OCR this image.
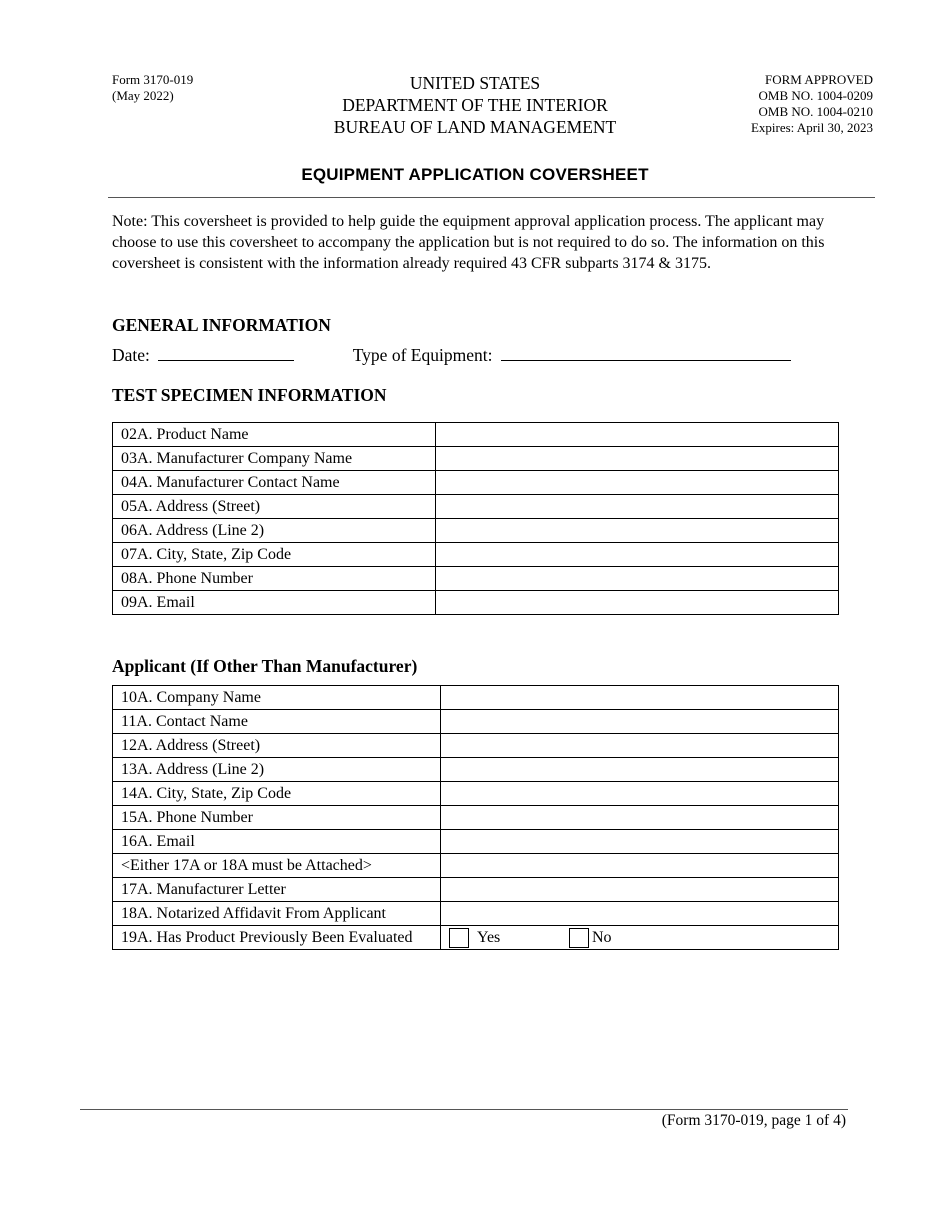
Form 3170-019
(May 2022)
UNITED STATES
DEPARTMENT OF THE INTERIOR
BUREAU OF LAND MANAGEMENT
FORM APPROVED
OMB NO. 1004-0209
OMB NO. 1004-0210
Expires: April 30, 2023
EQUIPMENT APPLICATION COVERSHEET
Note: This coversheet is provided to help guide the equipment approval application process. The applicant may choose to use this coversheet to accompany the application but is not required to do so. The information on this coversheet is consistent with the information already required 43 CFR subparts 3174 & 3175.
GENERAL INFORMATION
Date:	Type of Equipment:
TEST SPECIMEN INFORMATION
02A. Product Name	
03A. Manufacturer Company Name	
04A. Manufacturer Contact Name	
05A. Address (Street)	
06A. Address (Line 2)	
07A. City, State, Zip Code	
08A. Phone Number	
09A. Email	
Applicant (If Other Than Manufacturer)
10A. Company Name	
11A. Contact Name	
12A. Address (Street)	
13A. Address (Line 2)	
14A. City, State, Zip Code	
15A. Phone Number	
16A. Email	
<Either 17A or 18A must be Attached>	
17A. Manufacturer Letter	
18A. Notarized Affidavit From Applicant	
19A. Has Product Previously Been Evaluated	Yes No
(Form 3170-019, page 1 of 4)
